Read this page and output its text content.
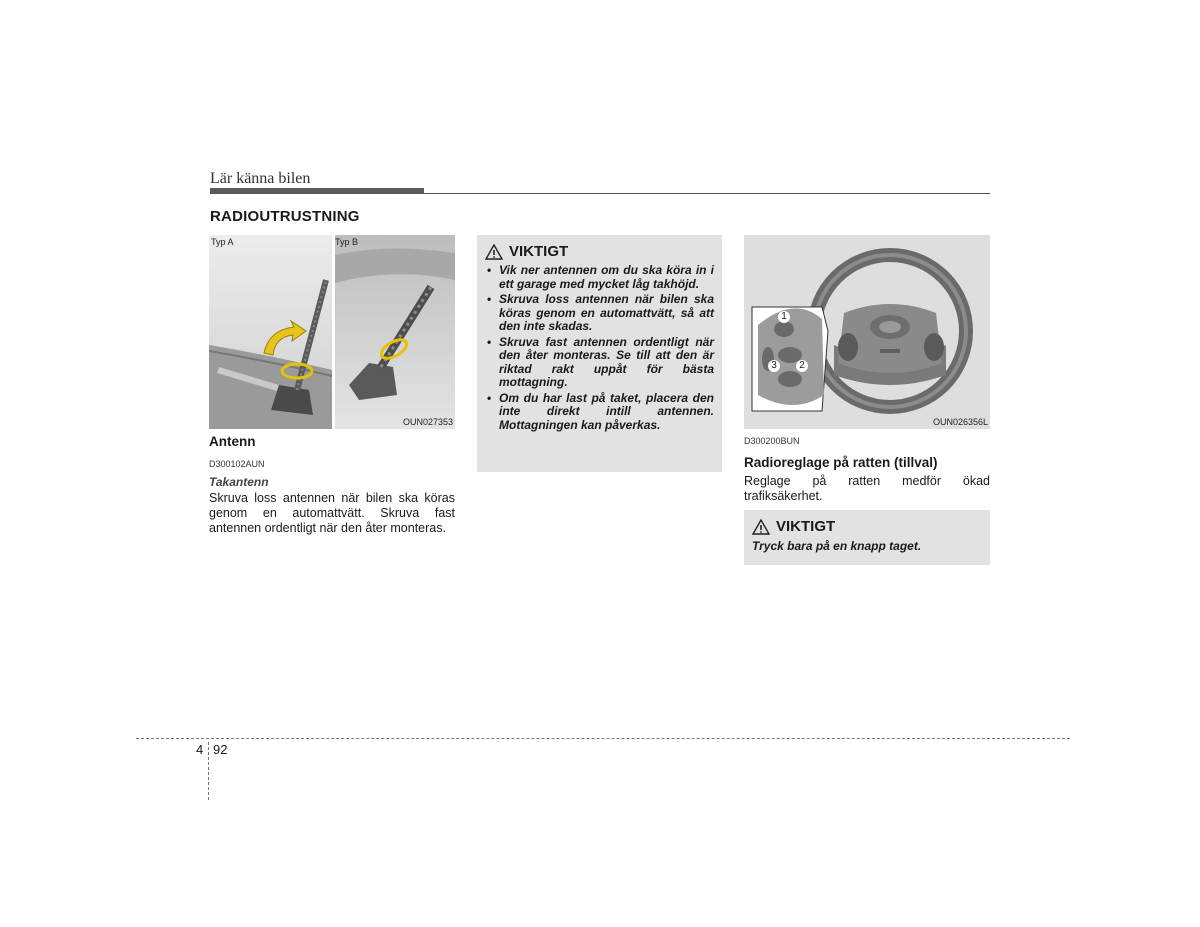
Lär känna bilen
RADIOUTRUSTNING
Typ A	Typ B
OUN027353
Antenn
D300102AUN
Takantenn
Skruva loss antennen när bilen ska köras genom en automattvätt. Skruva fast antennen ordentligt när den åter monteras.
VIKTIGT
• Vik ner antennen om du ska köra in i ett garage med mycket låg takhöjd.
• Skruva loss antennen när bilen ska köras genom en automattvätt, så att den inte skadas.
• Skruva fast antennen ordentligt när den åter monteras. Se till att den är riktad rakt uppåt för bästa mottagning.
• Om du har last på taket, placera den inte direkt intill antennen. Mottagningen kan påverkas.
1
2
3
OUN026356L
D300200BUN
Radioreglage på ratten (tillval)
Reglage på ratten medför ökad trafiksäkerhet.
VIKTIGT
Tryck bara på en knapp taget.
4 92
